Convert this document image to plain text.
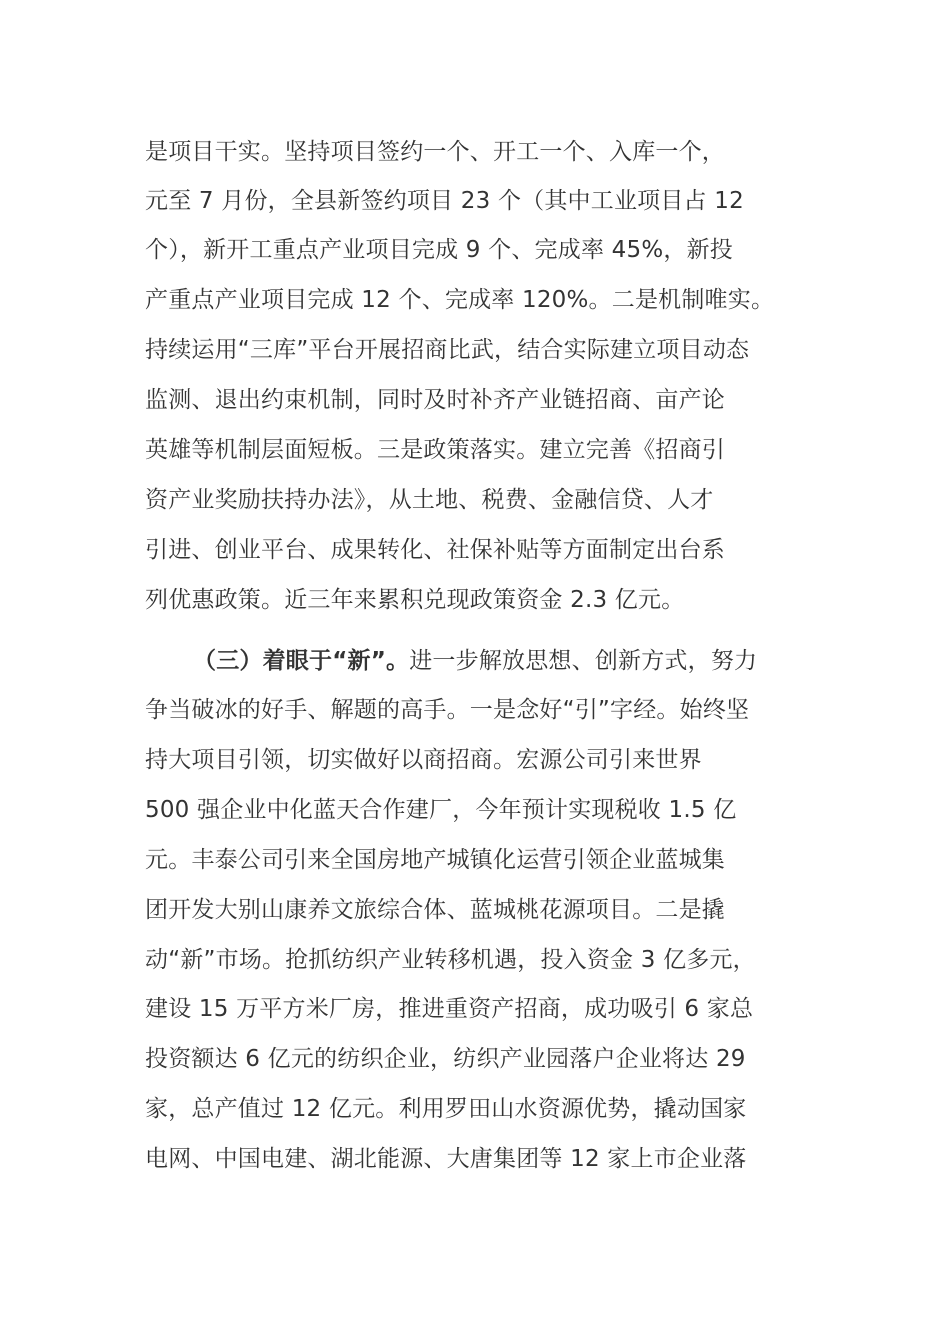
是项目干实。坚持项目签约一个、开工一个、入库一个，
元至 7 月份，全县新签约项目 23 个（其中工业项目占 12
个），新开工重点产业项目完成 9 个、完成率 45%，新投
产重点产业项目完成 12 个、完成率 120%。二是机制唯实。
持续运用“三库”平台开展招商比武，结合实际建立项目动态
监测、退出约束机制，同时及时补齐产业链招商、亩产论
英雄等机制层面短板。三是政策落实。建立完善《招商引
资产业奖励扶持办法》，从土地、税费、金融信贷、人才
引进、创业平台、成果转化、社保补贴等方面制定出台系
列优惠政策。近三年来累积兑现政策资金 2.3 亿元。
（三）着眼于“新”。进一步解放思想、创新方式，努力
争当破冰的好手、解题的高手。一是念好“引”字经。始终坚
持大项目引领，切实做好以商招商。宏源公司引来世界
500 强企业中化蓝天合作建厂，今年预计实现税收 1.5 亿
元。丰泰公司引来全国房地产城镇化运营引领企业蓝城集
团开发大别山康养文旅综合体、蓝城桃花源项目。二是撬
动“新”市场。抢抓纺织产业转移机遇，投入资金 3 亿多元，
建设 15 万平方米厂房，推进重资产招商，成功吸引 6 家总
投资额达 6 亿元的纺织企业，纺织产业园落户企业将达 29
家，总产值过 12 亿元。利用罗田山水资源优势，撬动国家
电网、中国电建、湖北能源、大唐集团等 12 家上市企业落
